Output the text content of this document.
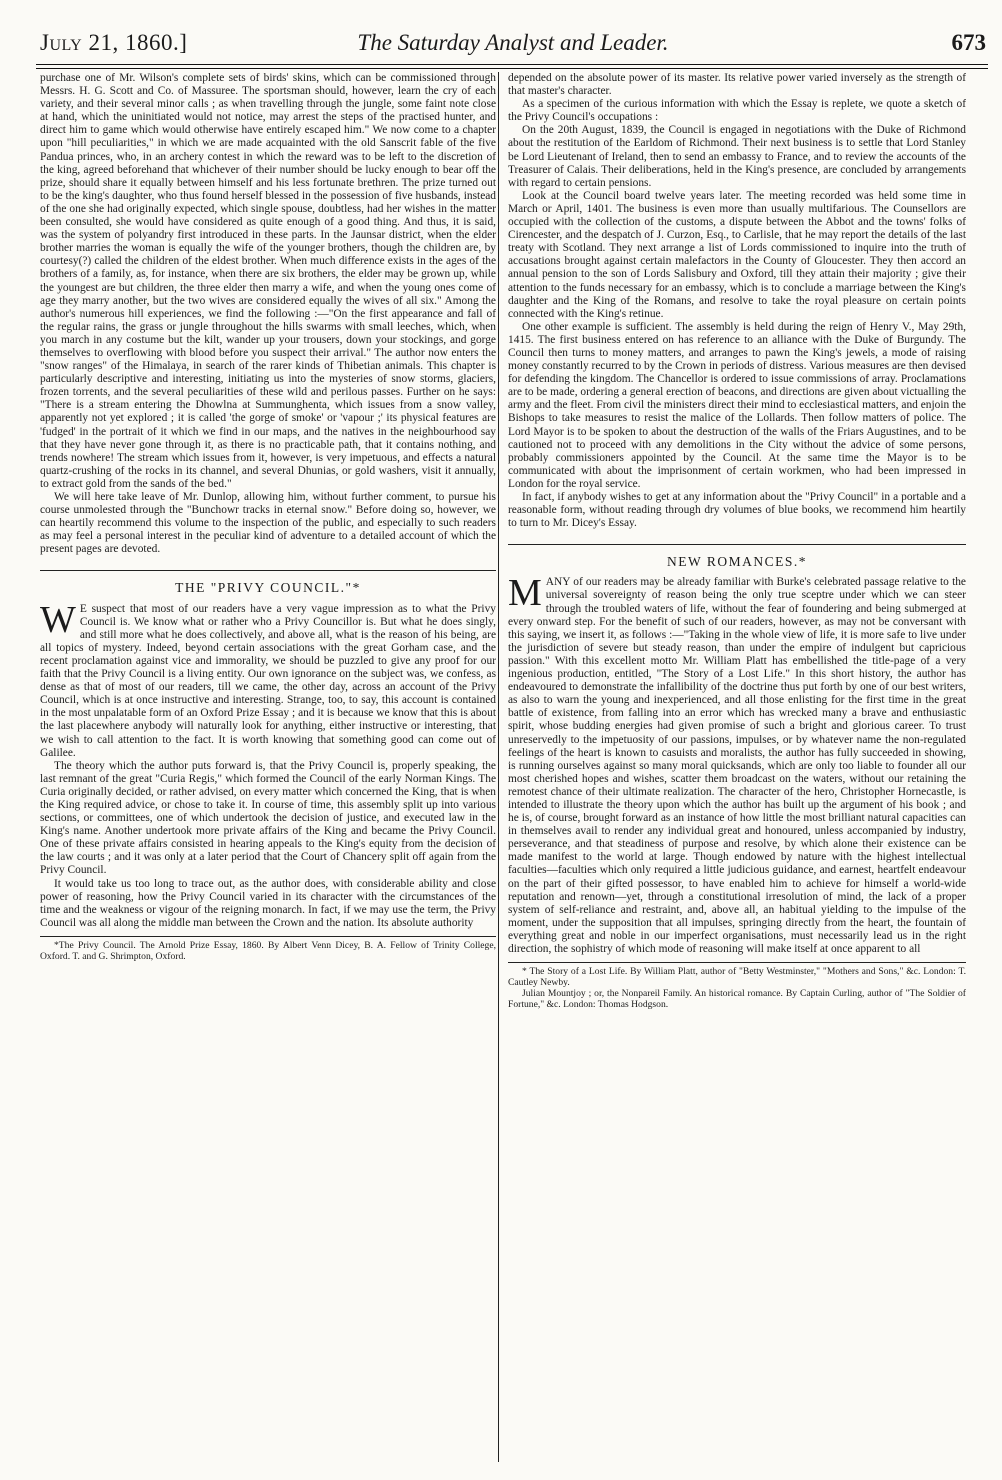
July 21, 1860.]	The Saturday Analyst and Leader.	673

purchase one of Mr. Wilson's complete sets of birds' skins, which can be commissioned through Messrs. H. G. Scott and Co. of Massuree. The sportsman should, however, learn the cry of each variety, and their several minor calls ; as when travelling through the jungle, some faint note close at hand, which the uninitiated would not notice, may arrest the steps of the practised hunter, and direct him to game which would otherwise have entirely escaped him." We now come to a chapter upon "hill peculiarities," in which we are made acquainted with the old Sanscrit fable of the five Pandua princes, who, in an archery contest in which the reward was to be left to the discretion of the king, agreed beforehand that whichever of their number should be lucky enough to bear off the prize, should share it equally between himself and his less fortunate brethren. The prize turned out to be the king's daughter, who thus found herself blessed in the possession of five husbands, instead of the one she had originally expected, which single spouse, doubtless, had her wishes in the matter been consulted, she would have considered as quite enough of a good thing. And thus, it is said, was the system of polyandry first introduced in these parts. In the Jaunsar district, when the elder brother marries the woman is equally the wife of the younger brothers, though the children are, by courtesy(?) called the children of the eldest brother. When much difference exists in the ages of the brothers of a family, as, for instance, when there are six brothers, the elder may be grown up, while the youngest are but children, the three elder then marry a wife, and when the young ones come of age they marry another, but the two wives are considered equally the wives of all six." Among the author's numerous hill experiences, we find the following :—"On the first appearance and fall of the regular rains, the grass or jungle throughout the hills swarms with small leeches, which, when you march in any costume but the kilt, wander up your trousers, down your stockings, and gorge themselves to overflowing with blood before you suspect their arrival." The author now enters the "snow ranges" of the Himalaya, in search of the rarer kinds of Thibetian animals. This chapter is particularly descriptive and interesting, initiating us into the mysteries of snow storms, glaciers, frozen torrents, and the several peculiarities of these wild and perilous passes. Further on he says: "There is a stream entering the Dhowlna at Summunghenta, which issues from a snow valley, apparently not yet explored ; it is called 'the gorge of smoke' or 'vapour ;' its physical features are 'fudged' in the portrait of it which we find in our maps, and the natives in the neighbourhood say that they have never gone through it, as there is no practicable path, that it contains nothing, and trends nowhere! The stream which issues from it, however, is very impetuous, and effects a natural quartz-crushing of the rocks in its channel, and several Dhunias, or gold washers, visit it annually, to extract gold from the sands of the bed."

We will here take leave of Mr. Dunlop, allowing him, without further comment, to pursue his course unmolested through the "Bunchowr tracks in eternal snow." Before doing so, however, we can heartily recommend this volume to the inspection of the public, and especially to such readers as may feel a personal interest in the peculiar kind of adventure to a detailed account of which the present pages are devoted.

THE "PRIVY COUNCIL."*

W E suspect that most of our readers have a very vague impression as to what the Privy Council is. We know what or rather who a Privy Councillor is. But what he does singly, and still more what he does collectively, and above all, what is the reason of his being, are all topics of mystery. Indeed, beyond certain associations with the great Gorham case, and the recent proclamation against vice and immorality, we should be puzzled to give any proof for our faith that the Privy Council is a living entity. Our own ignorance on the subject was, we confess, as dense as that of most of our readers, till we came, the other day, across an account of the Privy Council, which is at once instructive and interesting. Strange, too, to say, this account is contained in the most unpalatable form of an Oxford Prize Essay ; and it is because we know that this is about the last placewhere anybody will naturally look for anything, either instructive or interesting, that we wish to call attention to the fact. It is worth knowing that something good can come out of Galilee.

The theory which the author puts forward is, that the Privy Council is, properly speaking, the last remnant of the great "Curia Regis," which formed the Council of the early Norman Kings. The Curia originally decided, or rather advised, on every matter which concerned the King, that is when the King required advice, or chose to take it. In course of time, this assembly split up into various sections, or committees, one of which undertook the decision of justice, and executed law in the King's name. Another undertook more private affairs of the King and became the Privy Council. One of these private affairs consisted in hearing appeals to the King's equity from the decision of the law courts ; and it was only at a later period that the Court of Chancery split off again from the Privy Council.

It would take us too long to trace out, as the author does, with considerable ability and close power of reasoning, how the Privy Council varied in its character with the circumstances of the time and the weakness or vigour of the reigning monarch. In fact, if we may use the term, the Privy Council was all along the middle man between the Crown and the nation. Its absolute authority

*The Privy Council. The Arnold Prize Essay, 1860. By Albert Venn Dicey, B. A. Fellow of Trinity College, Oxford. T. and G. Shrimpton, Oxford.

depended on the absolute power of its master. Its relative power varied inversely as the strength of that master's character.

As a specimen of the curious information with which the Essay is replete, we quote a sketch of the Privy Council's occupations :

On the 20th August, 1839, the Council is engaged in negotiations with the Duke of Richmond about the restitution of the Earldom of Richmond. Their next business is to settle that Lord Stanley be Lord Lieutenant of Ireland, then to send an embassy to France, and to review the accounts of the Treasurer of Calais. Their deliberations, held in the King's presence, are concluded by arrangements with regard to certain pensions.

Look at the Council board twelve years later. The meeting recorded was held some time in March or April, 1401. The business is even more than usually multifarious. The Counsellors are occupied with the collection of the customs, a dispute between the Abbot and the towns' folks of Cirencester, and the despatch of J. Curzon, Esq., to Carlisle, that he may report the details of the last treaty with Scotland. They next arrange a list of Lords commissioned to inquire into the truth of accusations brought against certain malefactors in the County of Gloucester. They then accord an annual pension to the son of Lords Salisbury and Oxford, till they attain their majority ; give their attention to the funds necessary for an embassy, which is to conclude a marriage between the King's daughter and the King of the Romans, and resolve to take the royal pleasure on certain points connected with the King's retinue.

One other example is sufficient. The assembly is held during the reign of Henry V., May 29th, 1415. The first business entered on has reference to an alliance with the Duke of Burgundy. The Council then turns to money matters, and arranges to pawn the King's jewels, a mode of raising money constantly recurred to by the Crown in periods of distress. Various measures are then devised for defending the kingdom. The Chancellor is ordered to issue commissions of array. Proclamations are to be made, ordering a general erection of beacons, and directions are given about victualling the army and the fleet. From civil the ministers direct their mind to ecclesiastical matters, and enjoin the Bishops to take measures to resist the malice of the Lollards. Then follow matters of police. The Lord Mayor is to be spoken to about the destruction of the walls of the Friars Augustines, and to be cautioned not to proceed with any demolitions in the City without the advice of some persons, probably commissioners appointed by the Council. At the same time the Mayor is to be communicated with about the imprisonment of certain workmen, who had been impressed in London for the royal service.

In fact, if anybody wishes to get at any information about the "Privy Council" in a portable and a reasonable form, without reading through dry volumes of blue books, we recommend him heartily to turn to Mr. Dicey's Essay.

NEW ROMANCES.*

MANY of our readers may be already familiar with Burke's celebrated passage relative to the universal sovereignty of reason being the only true sceptre under which we can steer through the troubled waters of life, without the fear of foundering and being submerged at every onward step. For the benefit of such of our readers, however, as may not be conversant with this saying, we insert it, as follows :—"Taking in the whole view of life, it is more safe to live under the jurisdiction of severe but steady reason, than under the empire of indulgent but capricious passion." With this excellent motto Mr. William Platt has embellished the title-page of a very ingenious production, entitled, "The Story of a Lost Life." In this short history, the author has endeavoured to demonstrate the infallibility of the doctrine thus put forth by one of our best writers, as also to warn the young and inexperienced, and all those enlisting for the first time in the great battle of existence, from falling into an error which has wrecked many a brave and enthusiastic spirit, whose budding energies had given promise of such a bright and glorious career. To trust unreservedly to the impetuosity of our passions, impulses, or by whatever name the non-regulated feelings of the heart is known to casuists and moralists, the author has fully succeeded in showing, is running ourselves against so many moral quicksands, which are only too liable to founder all our most cherished hopes and wishes, scatter them broadcast on the waters, without our retaining the remotest chance of their ultimate realization. The character of the hero, Christopher Hornecastle, is intended to illustrate the theory upon which the author has built up the argument of his book ; and he is, of course, brought forward as an instance of how little the most brilliant natural capacities can in themselves avail to render any individual great and honoured, unless accompanied by industry, perseverance, and that steadiness of purpose and resolve, by which alone their existence can be made manifest to the world at large. Though endowed by nature with the highest intellectual faculties—faculties which only required a little judicious guidance, and earnest, heartfelt endeavour on the part of their gifted possessor, to have enabled him to achieve for himself a world-wide reputation and renown—yet, through a constitutional irresolution of mind, the lack of a proper system of self-reliance and restraint, and, above all, an habitual yielding to the impulse of the moment, under the supposition that all impulses, springing directly from the heart, the fountain of everything great and noble in our imperfect organisations, must necessarily lead us in the right direction, the sophistry of which mode of reasoning will make itself at once apparent to all

* The Story of a Lost Life. By William Platt, author of "Betty Westminster," "Mothers and Sons," &c. London: T. Cautley Newby.

Julian Mountjoy ; or, the Nonpareil Family. An historical romance. By Captain Curling, author of "The Soldier of Fortune," &c. London: Thomas Hodgson.
